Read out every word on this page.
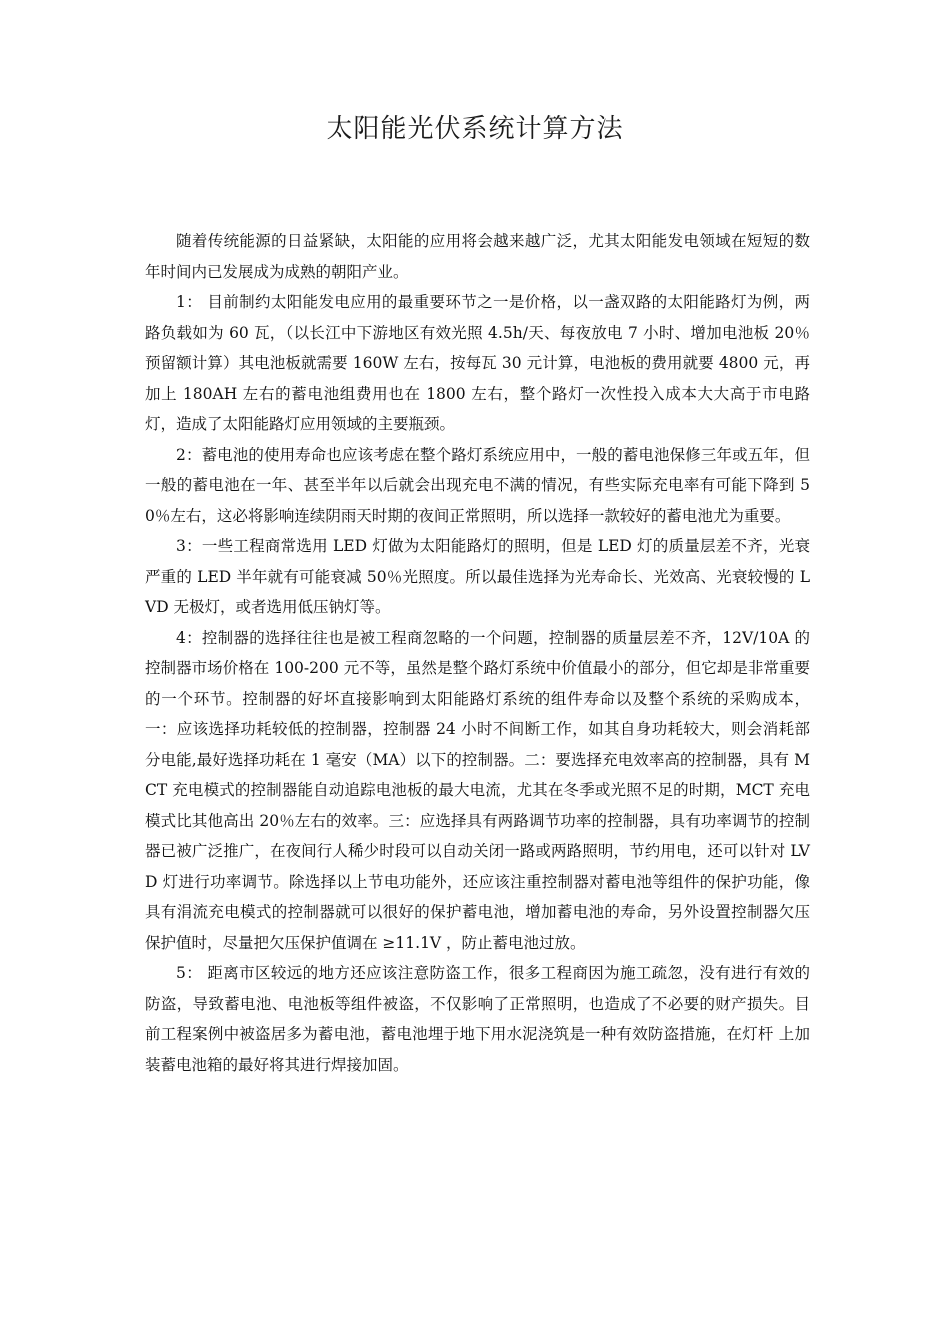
太阳能光伏系统计算方法

随着传统能源的日益紧缺，太阳能的应用将会越来越广泛，尤其太阳能发电领域在短短的数年时间内已发展成为成熟的朝阳产业。

1： 目前制约太阳能发电应用的最重要环节之一是价格，以一盏双路的太阳能路灯为例，两路负载如为 60 瓦，（以长江中下游地区有效光照 4.5h/天、每夜放电 7 小时、增加电池板 20％预留额计算）其电池板就需要 160W 左右，按每瓦 30 元计算，电池板的费用就要 4800 元，再加上 180AH 左右的蓄电池组费用也在 1800 左右，整个路灯一次性投入成本大大高于市电路灯，造成了太阳能路灯应用领域的主要瓶颈。

2：蓄电池的使用寿命也应该考虑在整个路灯系统应用中，一般的蓄电池保修三年或五年，但一般的蓄电池在一年、甚至半年以后就会出现充电不满的情况，有些实际充电率有可能下降到 50％左右，这必将影响连续阴雨天时期的夜间正常照明，所以选择一款较好的蓄电池尤为重要。

3：一些工程商常选用 LED 灯做为太阳能路灯的照明，但是 LED 灯的质量层差不齐，光衰严重的 LED 半年就有可能衰减 50％光照度。所以最佳选择为光寿命长、光效高、光衰较慢的 LVD 无极灯，或者选用低压钠灯等。

4：控制器的选择往往也是被工程商忽略的一个问题，控制器的质量层差不齐，12V/10A 的控制器市场价格在 100-200 元不等，虽然是整个路灯系统中价值最小的部分，但它却是非常重要的一个环节。控制器的好坏直接影响到太阳能路灯系统的组件寿命以及整个系统的采购成本，一：应该选择功耗较低的控制器，控制器 24 小时不间断工作，如其自身功耗较大，则会消耗部分电能,最好选择功耗在 1 毫安（MA）以下的控制器。二：要选择充电效率高的控制器，具有 MCT 充电模式的控制器能自动追踪电池板的最大电流，尤其在冬季或光照不足的时期，MCT 充电模式比其他高出 20％左右的效率。三：应选择具有两路调节功率的控制器，具有功率调节的控制器已被广泛推广，在夜间行人稀少时段可以自动关闭一路或两路照明，节约用电，还可以针对 LVD 灯进行功率调节。除选择以上节电功能外，还应该注重控制器对蓄电池等组件的保护功能，像具有涓流充电模式的控制器就可以很好的保护蓄电池，增加蓄电池的寿命，另外设置控制器欠压保护值时，尽量把欠压保护值调在 ≥11.1V ，防止蓄电池过放。

5： 距离市区较远的地方还应该注意防盗工作，很多工程商因为施工疏忽，没有进行有效的防盗，导致蓄电池、电池板等组件被盗，不仅影响了正常照明，也造成了不必要的财产损失。目前工程案例中被盗居多为蓄电池，蓄电池埋于地下用水泥浇筑是一种有效防盗措施，在灯杆 上加装蓄电池箱的最好将其进行焊接加固。
